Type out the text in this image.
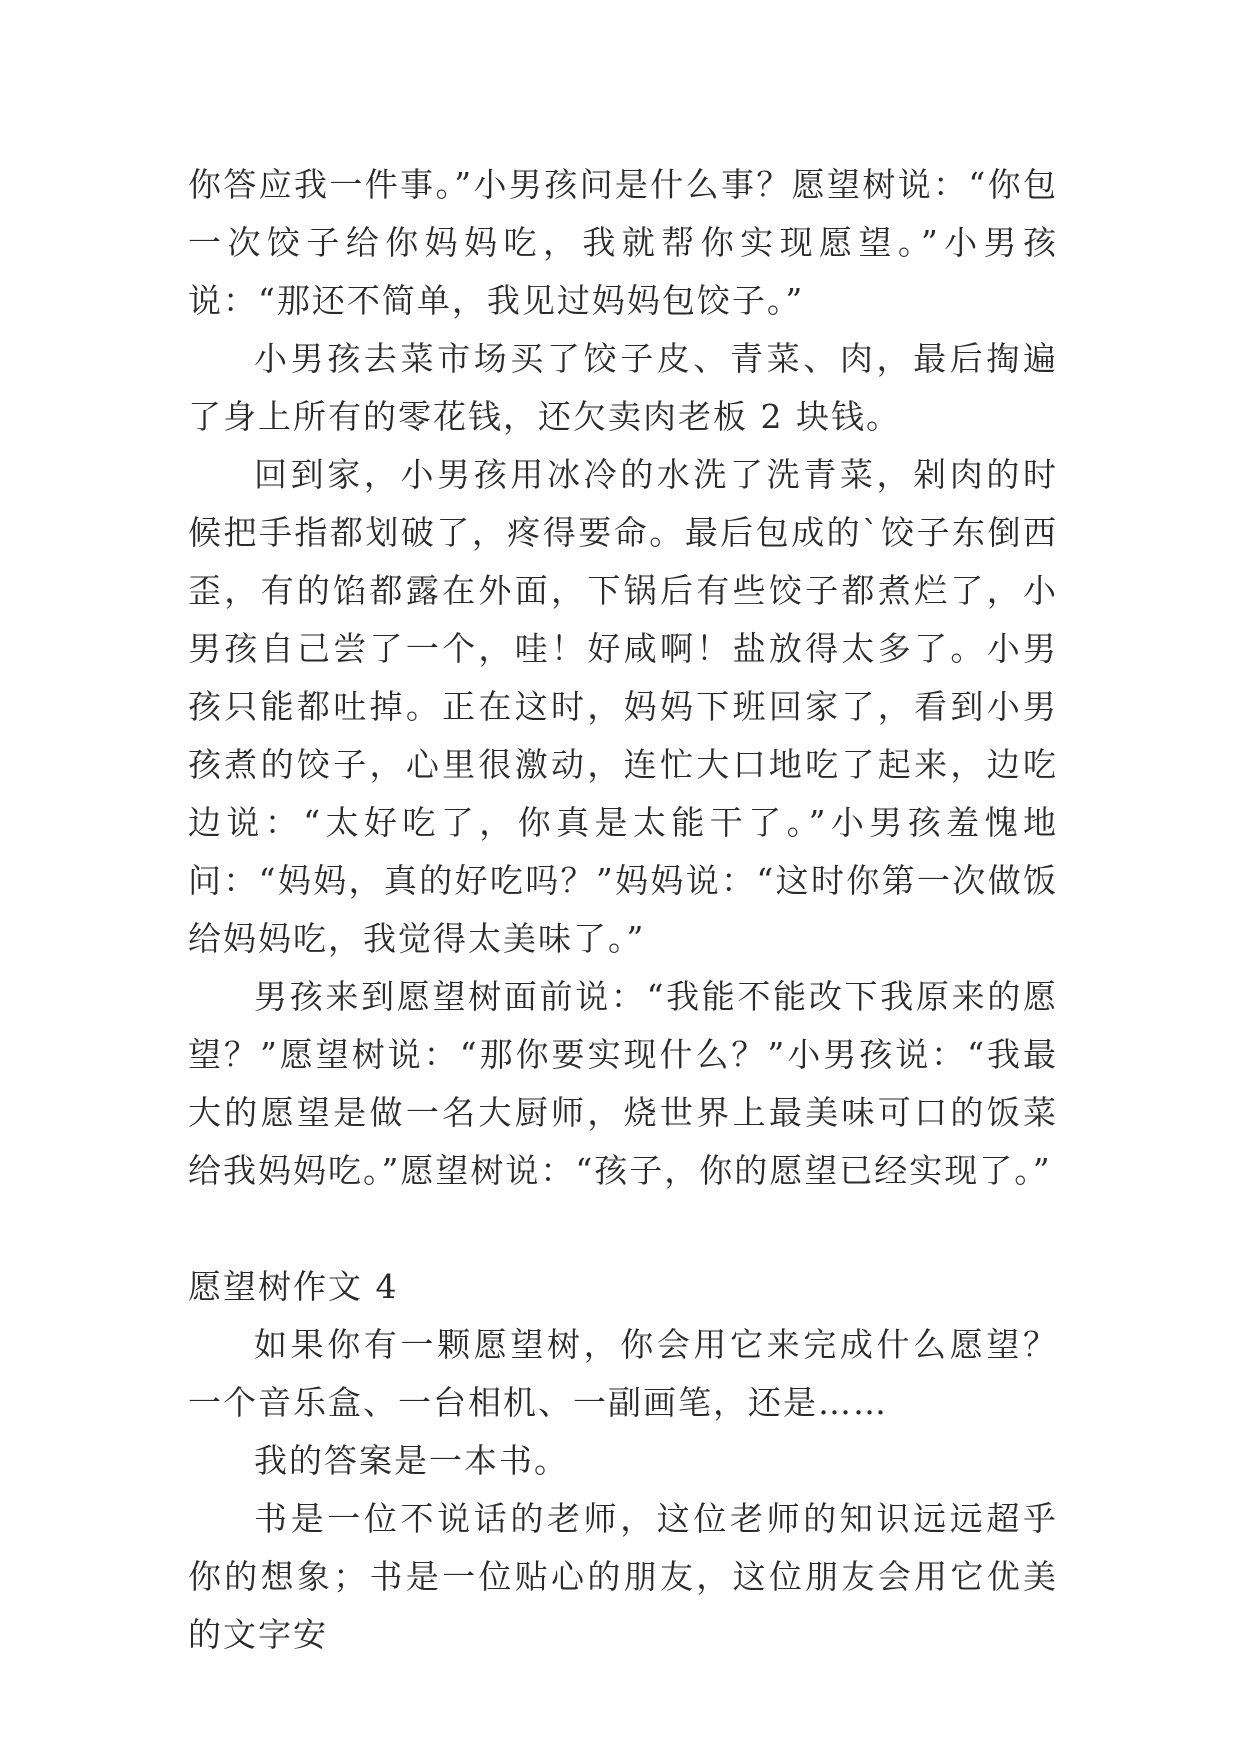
你答应我一件事。”小男孩问是什么事？愿望树说：“你包一次饺子给你妈妈吃，我就帮你实现愿望。”小男孩说：“那还不简单，我见过妈妈包饺子。”

小男孩去菜市场买了饺子皮、青菜、肉，最后掏遍了身上所有的零花钱，还欠卖肉老板 2 块钱。

回到家，小男孩用冰冷的水洗了洗青菜，剁肉的时候把手指都划破了，疼得要命。最后包成的`饺子东倒西歪，有的馅都露在外面，下锅后有些饺子都煮烂了，小男孩自己尝了一个，哇！好咸啊！盐放得太多了。小男孩只能都吐掉。正在这时，妈妈下班回家了，看到小男孩煮的饺子，心里很激动，连忙大口地吃了起来，边吃边说：“太好吃了，你真是太能干了。”小男孩羞愧地问：“妈妈，真的好吃吗？”妈妈说：“这时你第一次做饭给妈妈吃，我觉得太美味了。”

男孩来到愿望树面前说：“我能不能改下我原来的愿望？”愿望树说：“那你要实现什么？”小男孩说：“我最大的愿望是做一名大厨师，烧世界上最美味可口的饭菜给我妈妈吃。”愿望树说：“孩子，你的愿望已经实现了。”

愿望树作文 4

如果你有一颗愿望树，你会用它来完成什么愿望？一个音乐盒、一台相机、一副画笔，还是……

我的答案是一本书。

书是一位不说话的老师，这位老师的知识远远超乎你的想象；书是一位贴心的朋友，这位朋友会用它优美的文字安
